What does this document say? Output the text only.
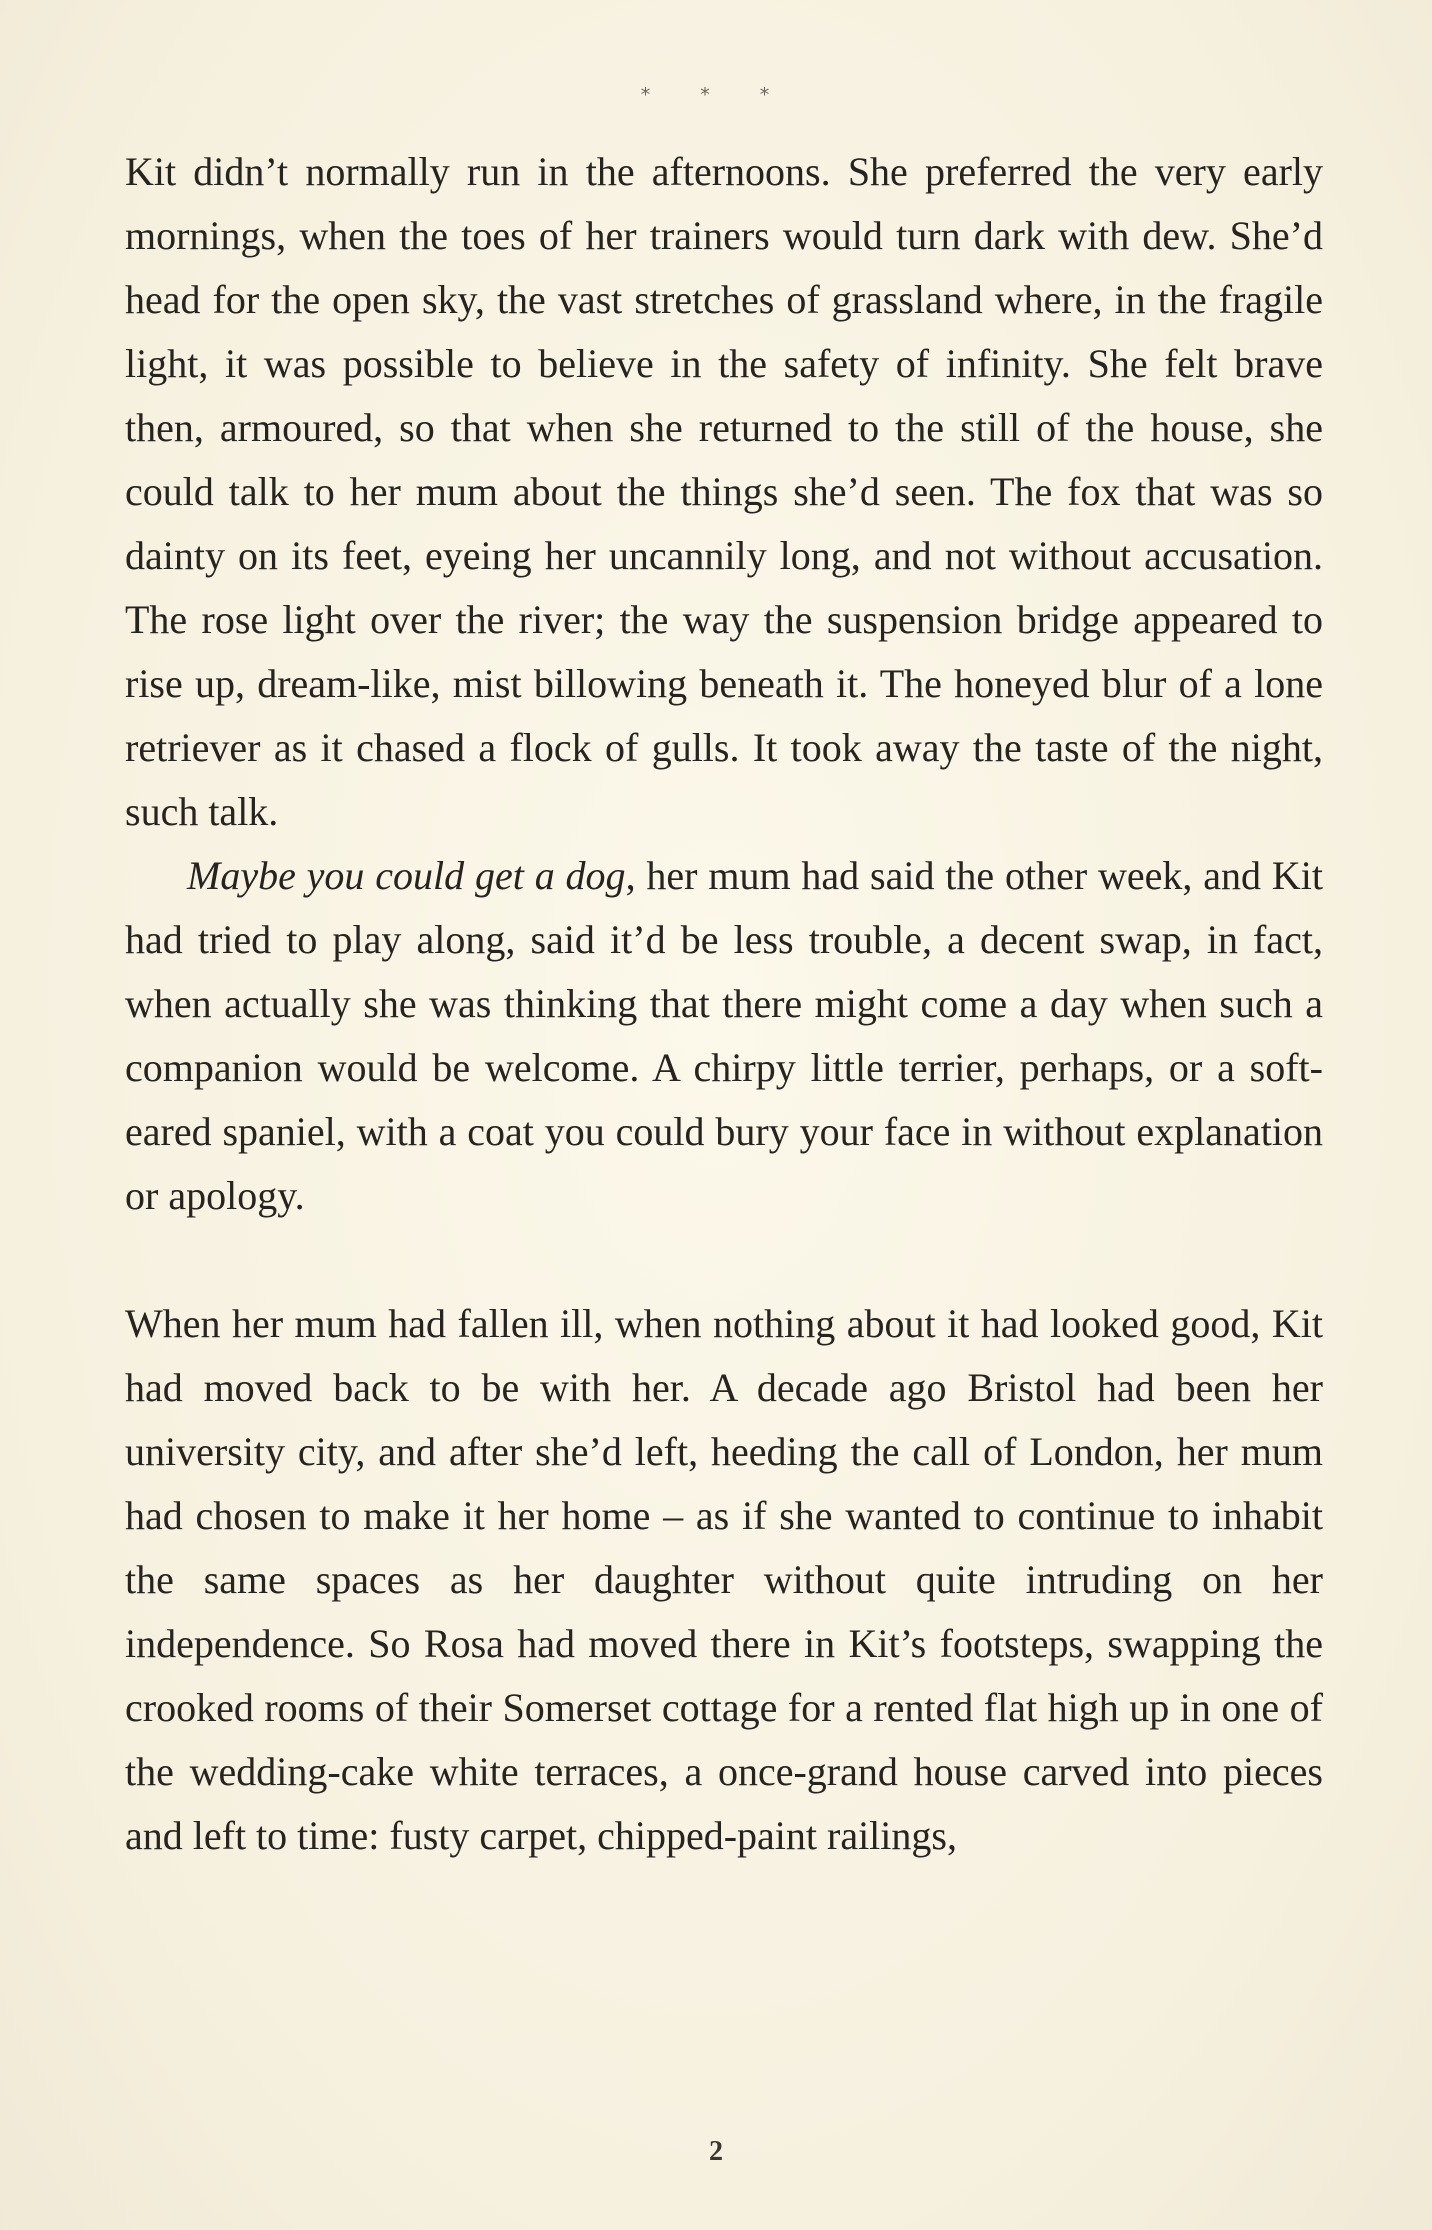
* * *

Kit didn’t normally run in the afternoons. She preferred the very early mornings, when the toes of her trainers would turn dark with dew. She’d head for the open sky, the vast stretches of grassland where, in the fragile light, it was possible to believe in the safety of infinity. She felt brave then, armoured, so that when she returned to the still of the house, she could talk to her mum about the things she’d seen. The fox that was so dainty on its feet, eyeing her uncannily long, and not without accusation. The rose light over the river; the way the suspension bridge appeared to rise up, dream-like, mist billowing beneath it. The honeyed blur of a lone retriever as it chased a flock of gulls. It took away the taste of the night, such talk.

Maybe you could get a dog, her mum had said the other week, and Kit had tried to play along, said it’d be less trouble, a decent swap, in fact, when actually she was thinking that there might come a day when such a companion would be welcome. A chirpy little terrier, perhaps, or a soft-eared spaniel, with a coat you could bury your face in without explanation or apology.

When her mum had fallen ill, when nothing about it had looked good, Kit had moved back to be with her. A decade ago Bristol had been her university city, and after she’d left, heeding the call of London, her mum had chosen to make it her home – as if she wanted to continue to inhabit the same spaces as her daughter without quite intruding on her independence. So Rosa had moved there in Kit’s footsteps, swapping the crooked rooms of their Somerset cottage for a rented flat high up in one of the wedding-cake white terraces, a once-grand house carved into pieces and left to time: fusty carpet, chipped-paint railings,

2
